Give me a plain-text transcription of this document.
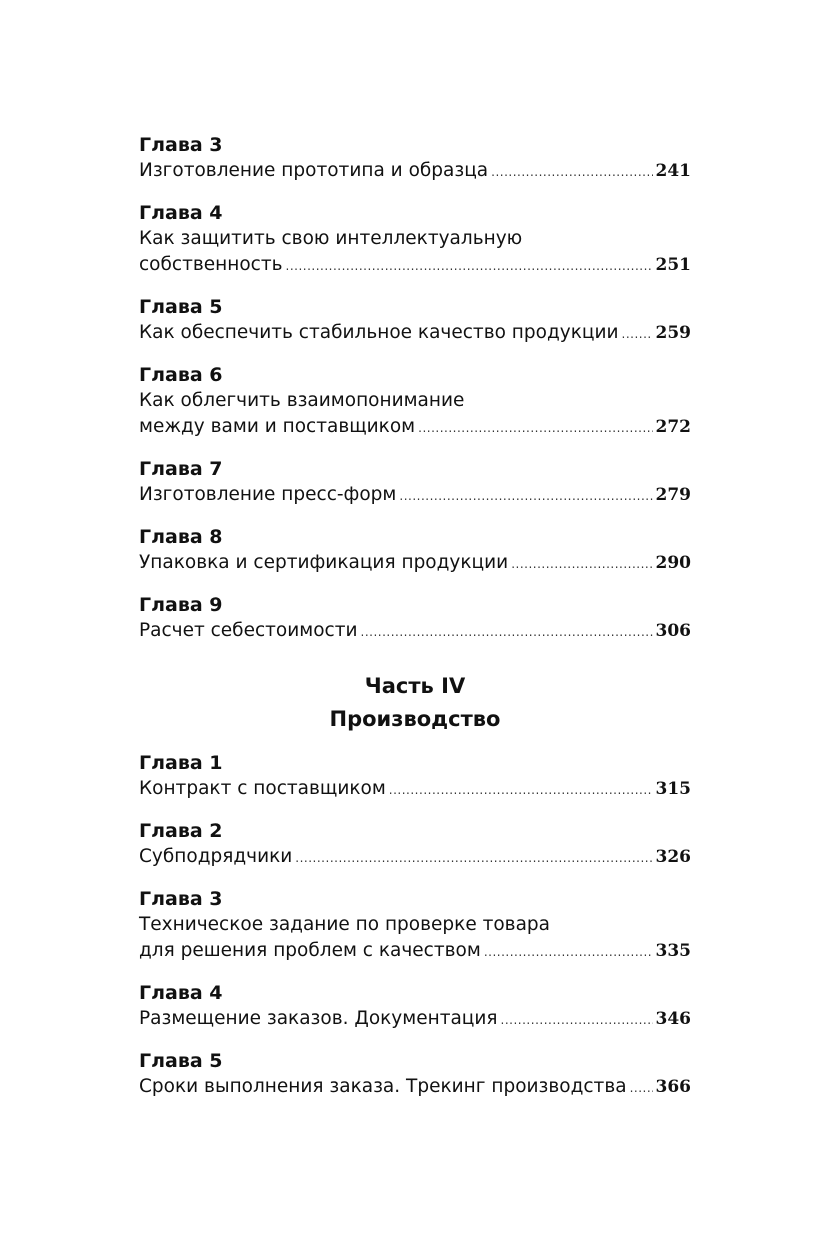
Глава 3
Изготовление прототипа и образца .....	241
Глава 4
Как защитить свою интеллектуальную
собственность .....	251
Глава 5
Как обеспечить стабильное качество продукции ..... 259
Глава 6
Как облегчить взаимопонимание
между вами и поставщиком .....	272
Глава 7
Изготовление пресс-форм .....	279
Глава 8
Упаковка и сертификация продукции .....	290
Глава 9
Расчет себестоимости .....	306
Часть IV
Производство
Глава 1
Контракт с поставщиком .....	315
Глава 2
Субподрядчики .....	326
Глава 3
Техническое задание по проверке товара
для решения проблем с качеством .....	335
Глава 4
Размещение заказов. Документация .....	346
Глава 5
Сроки выполнения заказа. Трекинг производства ..... 366
